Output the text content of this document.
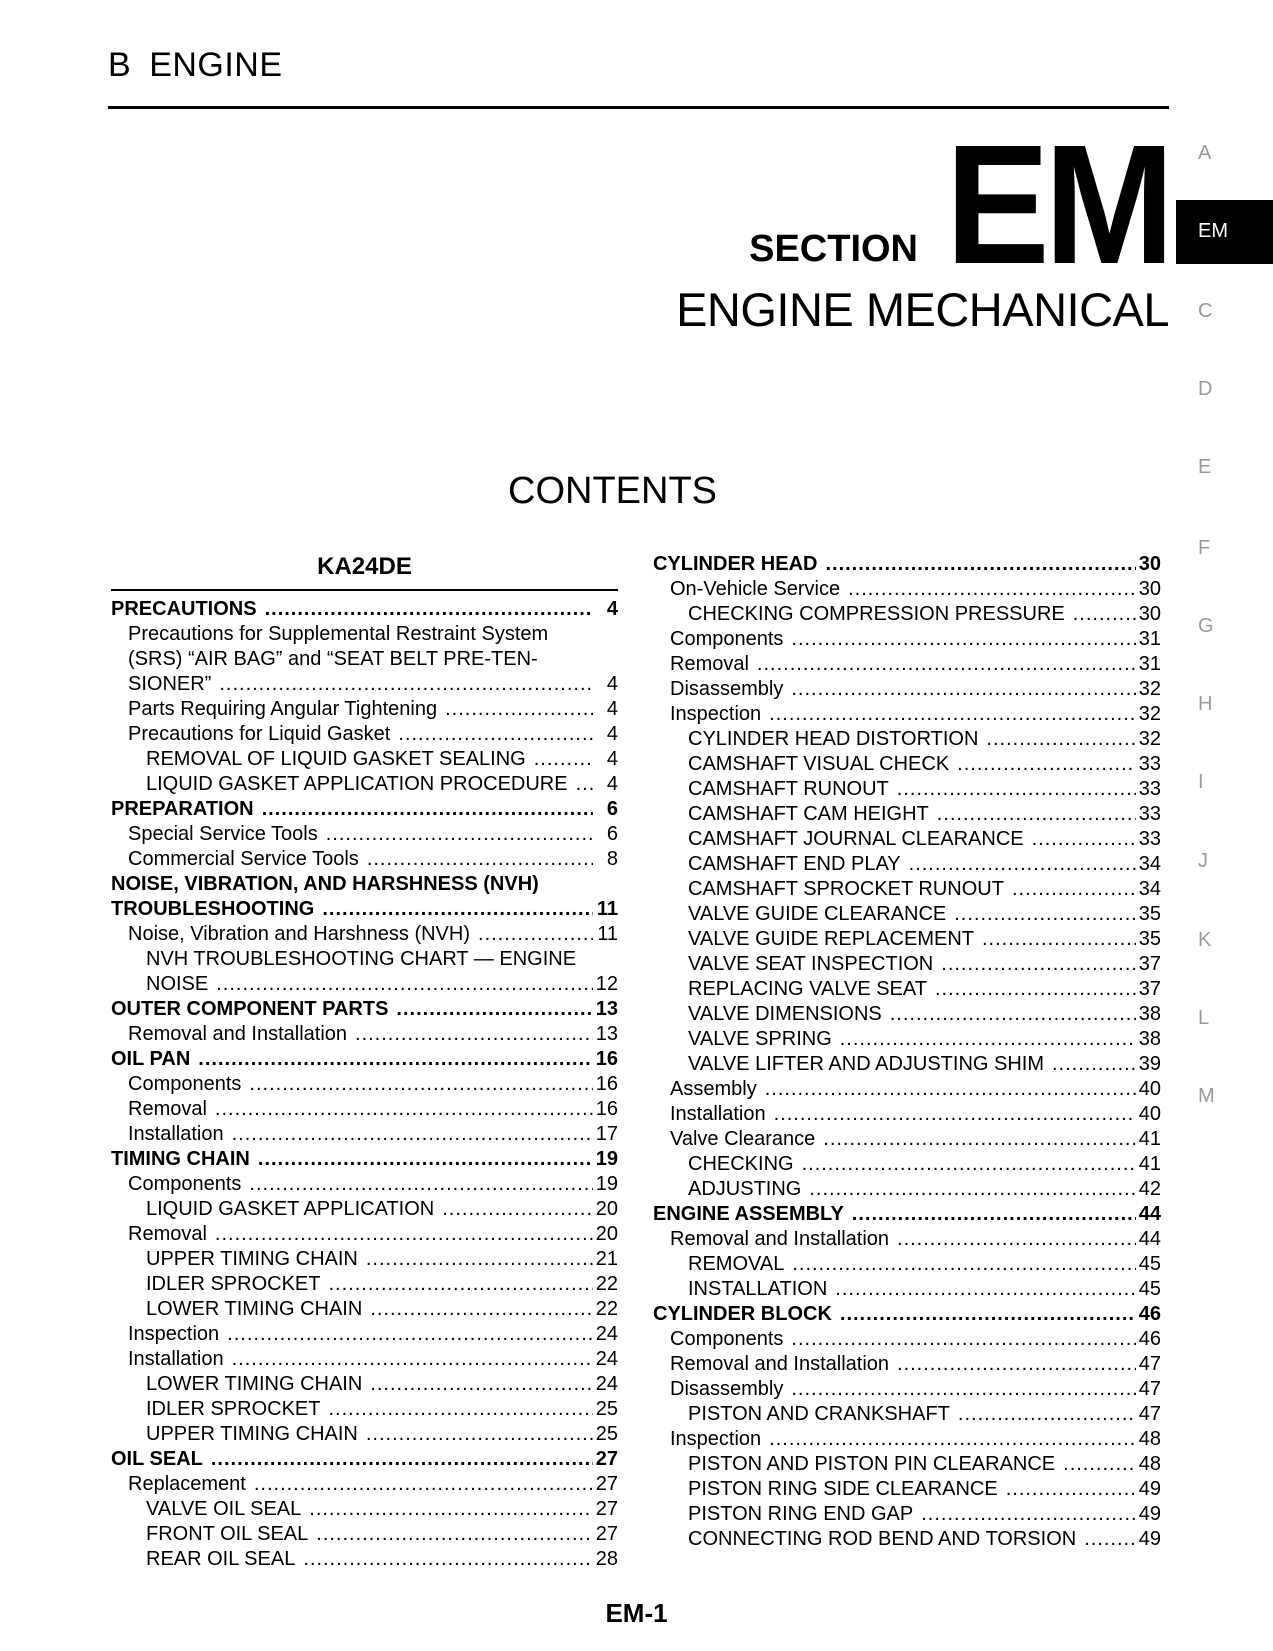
B ENGINE
SECTION EM
ENGINE MECHANICAL
CONTENTS
A
EM
C
D
E
F
G
H
I
J
K
L
M
KA24DE
PRECAUTIONS .....	4
Precautions for Supplemental Restraint System
(SRS) “AIR BAG” and “SEAT BELT PRE-TEN-
SIONER” .....	4
Parts Requiring Angular Tightening .....	4
Precautions for Liquid Gasket .....	4
REMOVAL OF LIQUID GASKET SEALING .....	4
LIQUID GASKET APPLICATION PROCEDURE .....	4
PREPARATION .....	6
Special Service Tools .....	6
Commercial Service Tools .....	8
NOISE, VIBRATION, AND HARSHNESS (NVH)
TROUBLESHOOTING .....	11
Noise, Vibration and Harshness (NVH) .....	11
NVH TROUBLESHOOTING CHART — ENGINE
NOISE .....	12
OUTER COMPONENT PARTS .....	13
Removal and Installation .....	13
OIL PAN .....	16
Components .....	16
Removal .....	16
Installation .....	17
TIMING CHAIN .....	19
Components .....	19
LIQUID GASKET APPLICATION .....	20
Removal .....	20
UPPER TIMING CHAIN .....	21
IDLER SPROCKET .....	22
LOWER TIMING CHAIN .....	22
Inspection .....	24
Installation .....	24
LOWER TIMING CHAIN .....	24
IDLER SPROCKET .....	25
UPPER TIMING CHAIN .....	25
OIL SEAL .....	27
Replacement .....	27
VALVE OIL SEAL .....	27
FRONT OIL SEAL .....	27
REAR OIL SEAL .....	28
CYLINDER HEAD .....	30
On-Vehicle Service .....	30
CHECKING COMPRESSION PRESSURE .....	30
Components .....	31
Removal .....	31
Disassembly .....	32
Inspection .....	32
CYLINDER HEAD DISTORTION .....	32
CAMSHAFT VISUAL CHECK .....	33
CAMSHAFT RUNOUT .....	33
CAMSHAFT CAM HEIGHT .....	33
CAMSHAFT JOURNAL CLEARANCE .....	33
CAMSHAFT END PLAY .....	34
CAMSHAFT SPROCKET RUNOUT .....	34
VALVE GUIDE CLEARANCE .....	35
VALVE GUIDE REPLACEMENT .....	35
VALVE SEAT INSPECTION .....	37
REPLACING VALVE SEAT .....	37
VALVE DIMENSIONS .....	38
VALVE SPRING .....	38
VALVE LIFTER AND ADJUSTING SHIM .....	39
Assembly .....	40
Installation .....	40
Valve Clearance .....	41
CHECKING .....	41
ADJUSTING .....	42
ENGINE ASSEMBLY .....	44
Removal and Installation .....	44
REMOVAL .....	45
INSTALLATION .....	45
CYLINDER BLOCK .....	46
Components .....	46
Removal and Installation .....	47
Disassembly .....	47
PISTON AND CRANKSHAFT .....	47
Inspection .....	48
PISTON AND PISTON PIN CLEARANCE .....	48
PISTON RING SIDE CLEARANCE .....	49
PISTON RING END GAP .....	49
CONNECTING ROD BEND AND TORSION .....	49
EM-1
